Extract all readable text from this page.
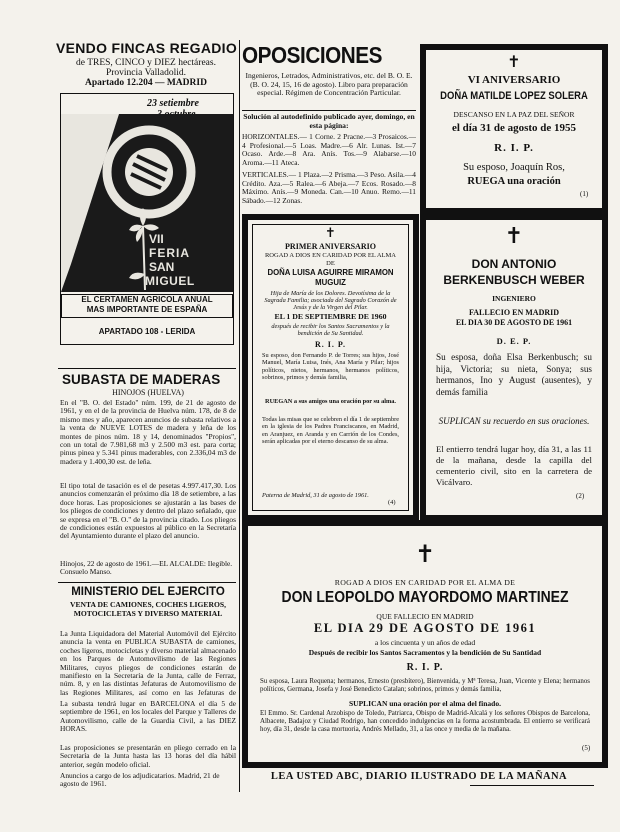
VENDO FINCAS REGADIO
de TRES, CINCO y DIEZ hectáreas.
Provincia Valladolid.
Apartado 12.204 — MADRID
23 setiembre
VII
FERIA
SAN
MIGUEL
EL CERTAMEN AGRICOLA ANUAL
MAS IMPORTANTE DE ESPAÑA
APARTADO 108 - LERIDA
SUBASTA DE MADERAS
HINOJOS (HUELVA)
En el "B. O. del Estado" núm. 199, de 21 de agosto de 1961, y en el de la provincia de Huelva núm. 178, de 8 de mismo mes y año, aparecen anuncios de subasta relativos a la venta de NUEVE LOTES de madera y leña de los montes de pinos núm. 18 y 14, denominados "Propios", con un total de 7.981,68 m3 y 2.500 m3 est. para corta; pinus pinea y 5.341 pinus maderables, con 2.336,04 m3 de madera y 1.400,30 est. de leña.
El tipo total de tasación es el de pesetas 4.997.417,30. Los anuncios comenzarán el próximo día 18 de setiembre, a las doce horas. Las proposiciones se ajustarán a las bases de los pliegos de condiciones y dentro del plazo señalado, que se expresa en el "B. O." de la provincia citado. Los pliegos de condiciones están expuestos al público en la Secretaría del Ayuntamiento durante el plazo del anuncio.
Hinojos, 22 de agosto de 1961.—EL ALCALDE: Ilegible. Consuelo Manso.
MINISTERIO DEL EJERCITO
VENTA DE CAMIONES, COCHES LIGEROS, MOTOCICLETAS Y DIVERSO MATERIAL
La Junta Liquidadora del Material Automóvil del Ejército anuncia la venta en PUBLICA SUBASTA de camiones, coches ligeros, motocicletas y diverso material almacenado en los Parques de Automovilismo de las Regiones Militares, cuyos pliegos de condiciones estarán de manifiesto en la Secretaría de la Junta, calle de Ferraz, núm. 8, y en las distintas Jefaturas de Automovilismo de las Regiones Militares, así como en las Jefaturas de
La subasta tendrá lugar en BARCELONA el día 5 de septiembre de 1961, en los locales del Parque y Talleres de Automovilismo, calle de la Guardia Civil, a las DIEZ HORAS.
Las proposiciones se presentarán en pliego cerrado en la Secretaría de la Junta hasta las 13 horas del día hábil anterior, según modelo oficial.
Anuncios a cargo de los adjudicatarios. Madrid, 21 de agosto de 1961.
OPOSICIONES
Ingenieros, Letrados, Administrativos, etc. del B. O. E. (B. O. 24, 15, 16 de agosto). Libro para preparación especial. Régimen de Concentración Particular.
Solución al autodefinido publicado ayer, domingo, en esta página:
HORIZONTALES.— 1 Corne. 2 Pracne.—3 Prosaicos.—4 Profesional.—5 Loas. Madre.—6 Alr. Lunas. Ist.—7 Ocaso. Arde.—8 Ara. Anís. Tos.—9 Alabarse.—10 Aroma.—11 Ateca.
VERTICALES.— 1 Plaza.—2 Prisma.—3 Peso. Asila.—4 Crédito. Aza.—5 Ralea.—6 Abeja.—7 Ecos. Rosado.—8 Máximo. Anís.—9 Moneda. Can.—10 Anuo. Remo.—11 Sábado.—12 Zonas.
✝
VI ANIVERSARIO
DOÑA MATILDE LOPEZ SOLERA
DESCANSO EN LA PAZ DEL SEÑOR
el día 31 de agosto de 1955
R. I. P.
Su esposo, Joaquín Ros,
RUEGA una oración
(1)
✝
PRIMER ANIVERSARIO
ROGAD A DIOS EN CARIDAD POR EL ALMA DE
DOÑA LUISA AGUIRRE MIRAMON MUGUIZ
Hija de María de los Dolores. Devotísima de la Sagrada Familia; asociada del Sagrado Corazón de Jesús y de la Virgen del Pilar.
EL 1 DE SEPTIEMBRE DE 1960
después de recibir los Santos Sacramentos y la bendición de Su Santidad.
R. I. P.
Su esposo, don Fernando P. de Torres; sus hijos, José Manuel, María Luisa, Inés, Ana María y Pilar; hijos políticos, nietos, hermanos, hermanos políticos, sobrinos, primos y demás familia,
RUEGAN a sus amigos una oración por su alma.
Todas las misas que se celebren el día 1 de septiembre en la iglesia de los Padres Franciscanos, en Madrid, en Aranjuez, en Aranda y en Carrión de los Condes, serán aplicadas por el eterno descanso de su alma.
Paterna de Madrid, 31 de agosto de 1961.
(4)
✝
DON ANTONIO BERKENBUSCH WEBER
INGENIERO
FALLECIO EN MADRID
EL DIA 30 DE AGOSTO DE 1961
D. E. P.
Su esposa, doña Elsa Berkenbusch; su hija, Victoria; su nieta, Sonya; sus hermanos, Ino y August (ausentes), y demás familia
SUPLICAN su recuerdo en sus oraciones.
El entierro tendrá lugar hoy, día 31, a las 11 de la mañana, desde la capilla del cementerio civil, sito en la carretera de Vicálvaro.
(2)
✝
ROGAD A DIOS EN CARIDAD POR EL ALMA DE
DON LEOPOLDO MAYORDOMO MARTINEZ
QUE FALLECIO EN MADRID
EL DIA 29 DE AGOSTO DE 1961
a los cincuenta y un años de edad
Después de recibir los Santos Sacramentos y la bendición de Su Santidad
R. I. P.
Su esposa, Laura Requena; hermanos, Ernesto (presbítero), Bienvenida, y Mª Teresa, Juan, Vicente y Elena; hermanos políticos, Germana, Josefa y José Benedicto Catalan; sobrinos, primos y demás familia,
SUPLICAN una oración por el alma del finado.
El Emmo. Sr. Cardenal Arzobispo de Toledo, Patriarca, Obispo de Madrid-Alcalá y los señores Obispos de Barcelona, Albacete, Badajoz y Ciudad Rodrigo, han concedido indulgencias en la forma acostumbrada. El entierro se verificará hoy, día 31, desde la casa mortuoria, Andrés Mellado, 31, a las once y media de la mañana.
(5)
LEA USTED ABC, DIARIO ILUSTRADO DE LA MAÑANA
